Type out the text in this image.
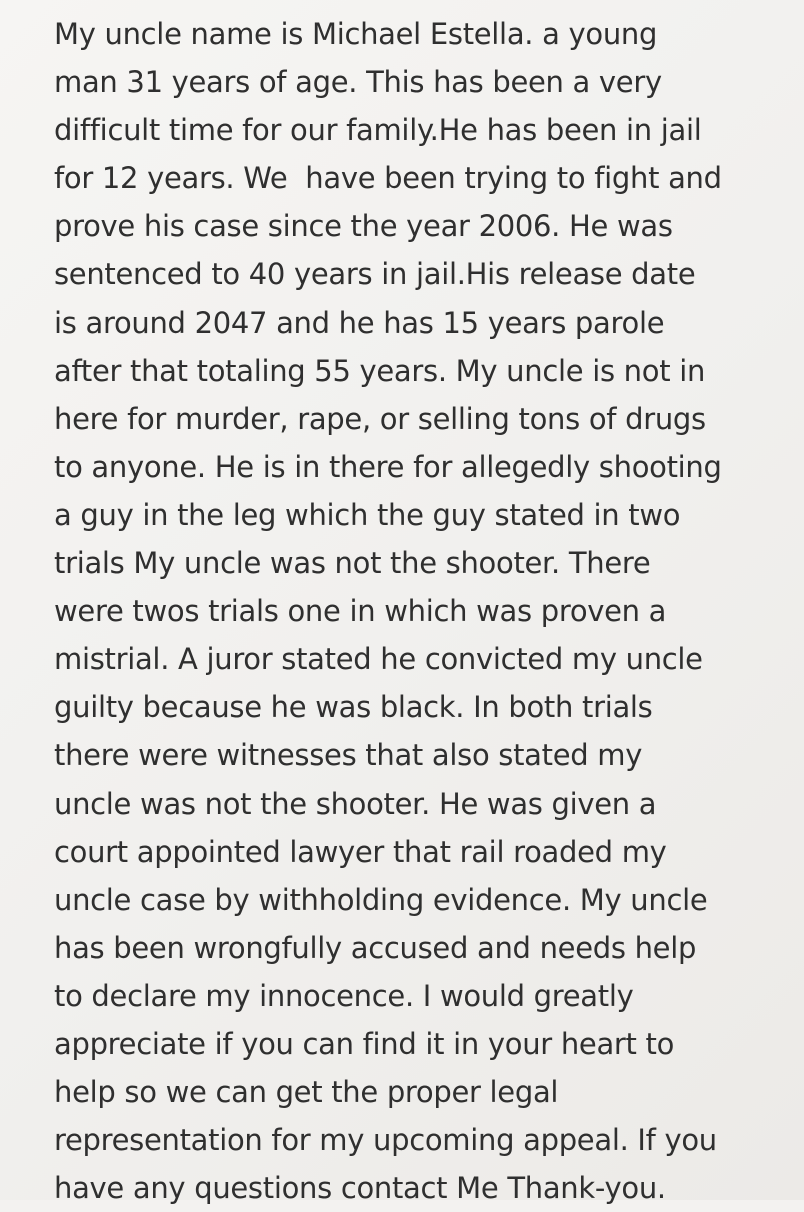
My uncle name is Michael Estella. a young
man 31 years of age. This has been a very
difficult time for our family.He has been in jail
for 12 years. We  have been trying to fight and
prove his case since the year 2006. He was
sentenced to 40 years in jail.His release date
is around 2047 and he has 15 years parole
after that totaling 55 years. My uncle is not in
here for murder, rape, or selling tons of drugs
to anyone. He is in there for allegedly shooting
a guy in the leg which the guy stated in two
trials My uncle was not the shooter. There
were twos trials one in which was proven a
mistrial. A juror stated he convicted my uncle
guilty because he was black. In both trials
there were witnesses that also stated my
uncle was not the shooter. He was given a
court appointed lawyer that rail roaded my
uncle case by withholding evidence. My uncle
has been wrongfully accused and needs help
to declare my innocence. I would greatly
appreciate if you can find it in your heart to
help so we can get the proper legal
representation for my upcoming appeal. If you
have any questions contact Me Thank-you.
